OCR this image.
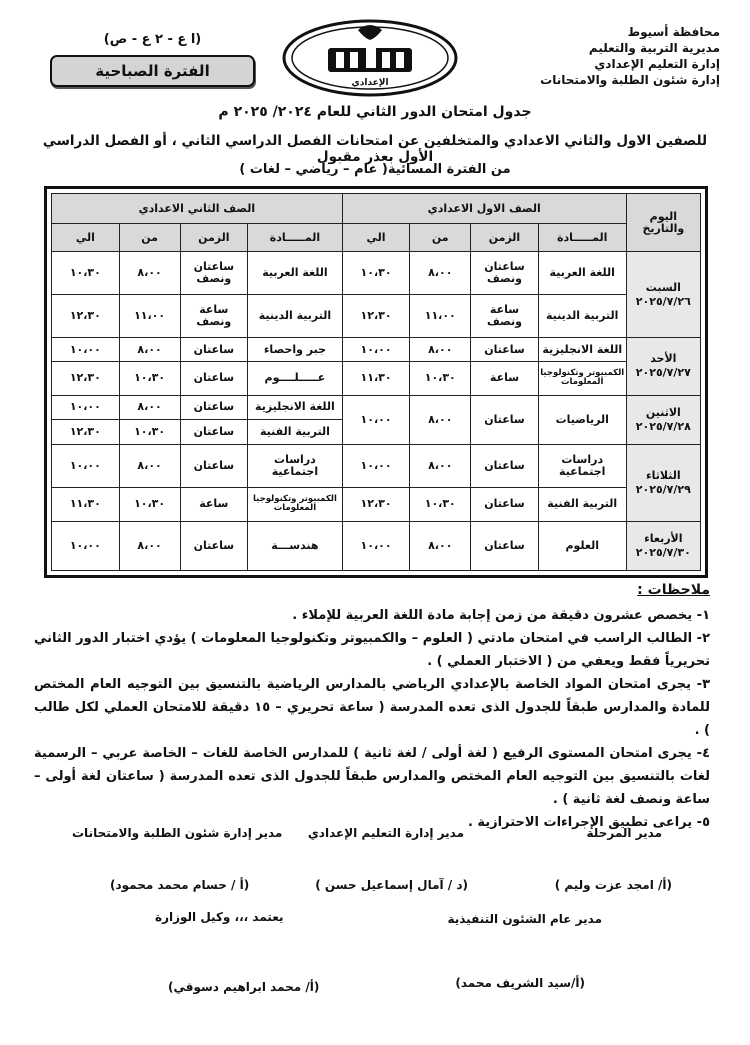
محافظة أسيوط
مديرية التربية والتعليم
إدارة التعليم الإعدادي
إدارة شئون الطلبة والامتحانات
الإعدادي
(ا ع - ٢ ع - ص)
الفترة الصباحية
جدول امتحان الدور الثاني للعام ٢٠٢٤/ ٢٠٢٥ م
للصفين الاول والثاني الاعدادي والمتخلفين عن امتحانات الفصل الدراسي الثاني ، أو الفصل الدراسي الأول بعذر مقبول
من الفترة المسائية( عام – رياضي – لغات )
اليوم والتاريخ	الصف الاول الاعدادي				الصف الثاني الاعدادي			
	المـــــادة	الزمن	من	الي	المـــــادة	الزمن	من	الي

السبت
٢٠٢٥/٧/٢٦	اللغة العربية	ساعتان ونصف	٨،٠٠	١٠،٣٠	اللغة العربية	ساعتان ونصف	٨،٠٠	١٠،٣٠
	التربية الدينية	ساعة ونصف	١١،٠٠	١٢،٣٠	التربية الدينية	ساعة ونصف	١١،٠٠	١٢،٣٠

الأحد
٢٠٢٥/٧/٢٧	اللغة الانجليزية	ساعتان	٨،٠٠	١٠،٠٠	جبر واحصاء	ساعتان	٨،٠٠	١٠،٠٠
	الكمبيوتر وتكنولوجيا المعلومات	ساعة	١٠،٣٠	١١،٣٠	عـــــلــــوم	ساعتان	١٠،٣٠	١٢،٣٠

الاثنين
٢٠٢٥/٧/٢٨	الرياضيات	ساعتان	٨،٠٠	١٠،٠٠	اللغة الانجليزية	ساعتان	٨،٠٠	١٠،٠٠
					التربية الفنية	ساعتان	١٠،٣٠	١٢،٣٠

الثلاثاء
٢٠٢٥/٧/٢٩	دراسات اجتماعية	ساعتان	٨،٠٠	١٠،٠٠	دراسات اجتماعية	ساعتان	٨،٠٠	١٠،٠٠
	التربية الفنية	ساعتان	١٠،٣٠	١٢،٣٠	الكمبيوتر وتكنولوجيا المعلومات	ساعة	١٠،٣٠	١١،٣٠

الأربعاء
٢٠٢٥/٧/٣٠	العلوم	ساعتان	٨،٠٠	١٠،٠٠	هندســـة	ساعتان	٨،٠٠	١٠،٠٠
ملاحظات :

١- يخصص عشرون دقيقة من زمن إجابة مادة اللغة العربية للإملاء .

٢- الطالب الراسب في امتحان مادتي ( العلوم – والكمبيوتر وتكنولوجيا المعلومات ) يؤدي اختبار الدور الثاني تحريرياً فقط ويعفي من ( الاختبار العملي ) .

٣- يجرى امتحان المواد الخاصة بالإعدادي الرياضي بالمدارس الرياضية بالتنسيق بين التوجيه العام المختص للمادة والمدارس طبقاً للجدول الذى تعده المدرسة ( ساعة تحريري – ١٥ دقيقة للامتحان العملي لكل طالب ) .

٤- يجرى امتحان المستوى الرفيع ( لغة أولى / لغة ثانية ) للمدارس الخاصة للغات – الخاصة عربي – الرسمية لغات بالتنسيق بين التوجيه العام المختص والمدارس طبقاً للجدول الذى تعده المدرسة ( ساعتان لغة أولى – ساعة ونصف لغة ثانية ) .

٥- يراعى تطبيق الإجراءات الاحترازية .

مدير المرحلة
مدير إدارة التعليم الإعدادي
مدير إدارة شئون الطلبة والامتحانات
(أ/ امجد عزت وليم )
(د / آمال إسماعيل حسن )
(أ / حسام محمد محمود)
مدير عام الشئون التنفيذية
يعتمد ،،، وكيل الوزارة
(أ/سيد الشريف محمد)
(أ/ محمد ابراهيم دسوقي)
